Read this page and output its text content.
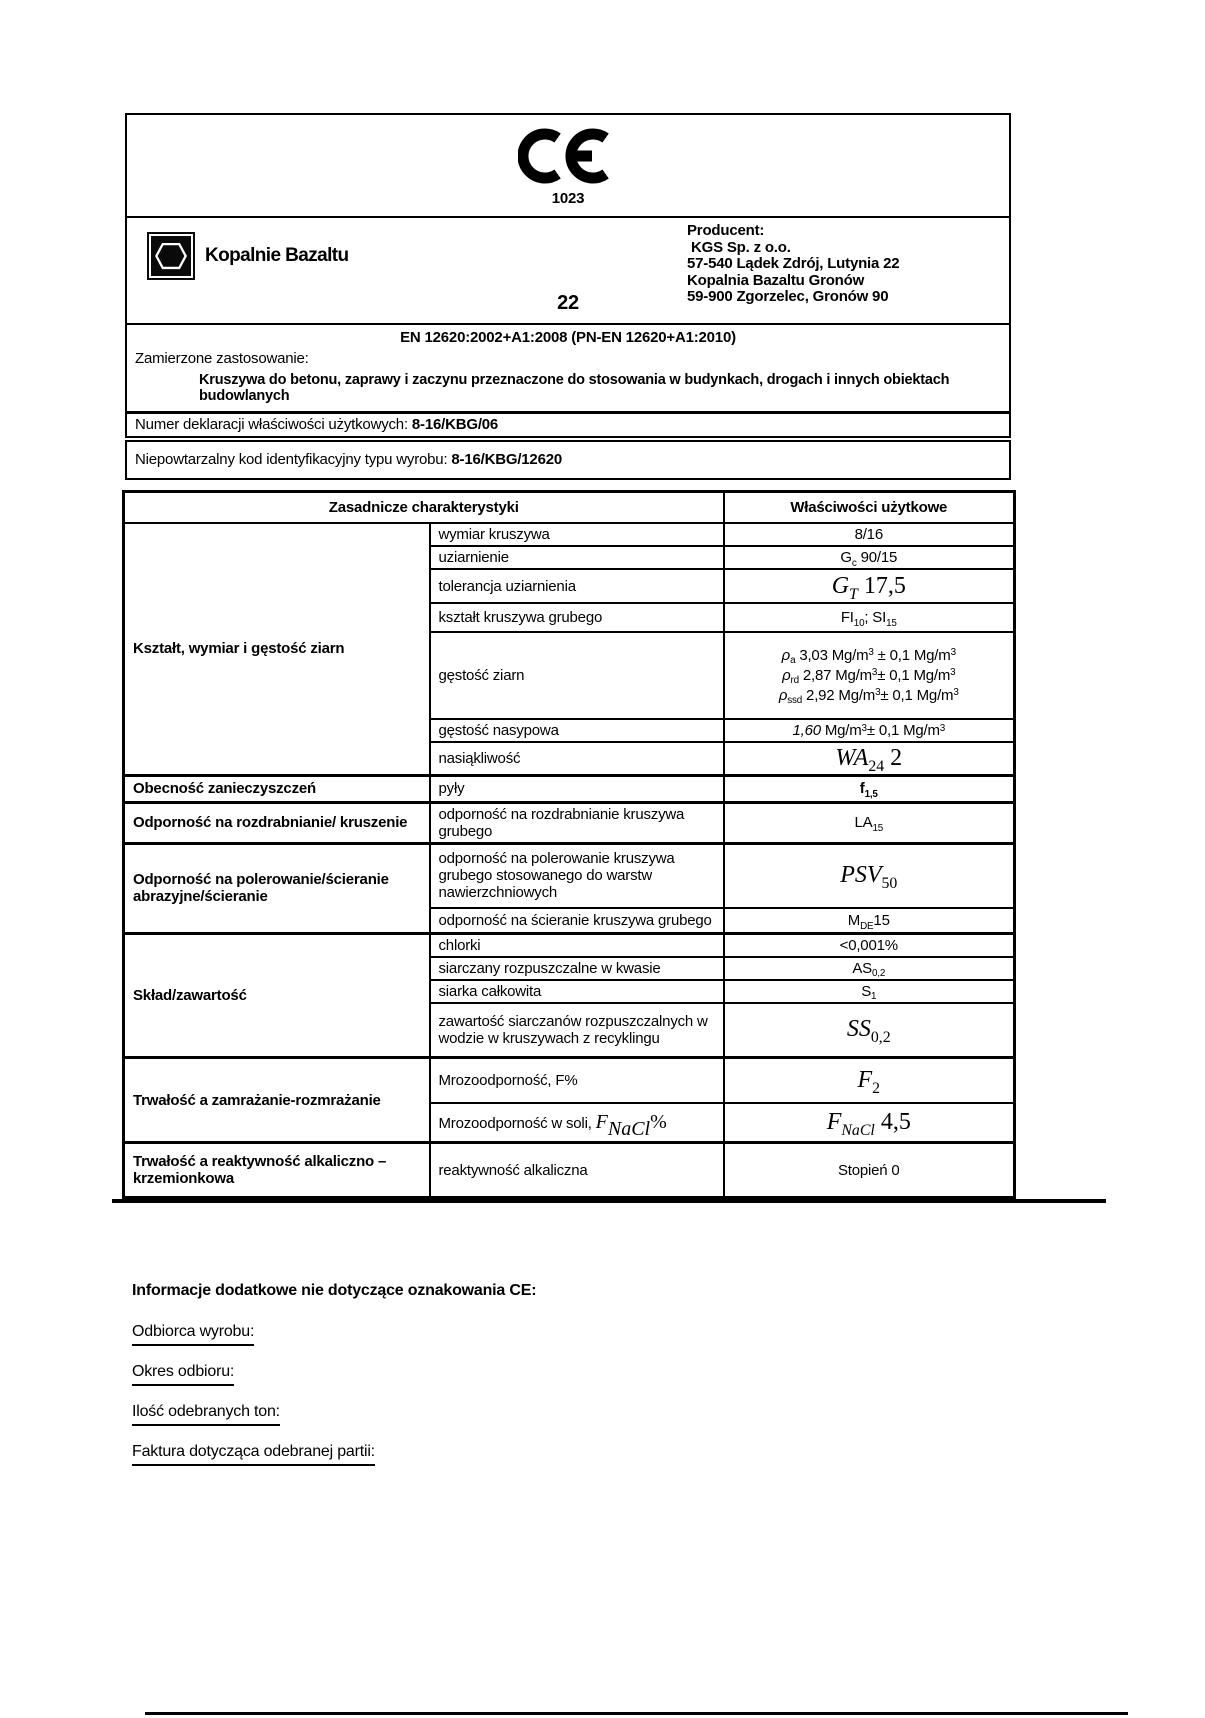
1023
Kopalnie Bazaltu
22
Producent:
KGS Sp. z o.o.
57-540 Lądek Zdrój, Lutynia 22
Kopalnia Bazaltu Gronów
59-900 Zgorzelec, Gronów 90
EN 12620:2002+A1:2008 (PN-EN 12620+A1:2010)
Zamierzone zastosowanie:
Kruszywa do betonu, zaprawy i zaczynu przeznaczone do stosowania w budynkach, drogach i innych obiektach budowlanych
Numer deklaracji właściwości użytkowych: 8-16/KBG/06
Niepowtarzalny kod identyfikacyjny typu wyrobu: 8-16/KBG/12620
Zasadnicze charakterystyki		Właściwości użytkowe
Kształt, wymiar i gęstość ziarn	wymiar kruszywa	8/16
	uziarnienie	$G_c$ 90/15
	tolerancja uziarnienia	$G_T$ 17,5
	kształt kruszywa grubego	$FI_{10}$; $SI_{15}$
	gęstość ziarn	$\rho_a$ 3,03 $Mg/m^3 \pm 0,1$ $Mg/m^3$
$\rho_{rd}$ 2,87 $Mg/m^3\pm 0,1$ $Mg/m^3$
$\rho_{ssd}$ 2,92 $Mg/m^3\pm 0,1$ $Mg/m^3$

	gęstość nasypowa	1,60 $Mg/m^3\pm 0,1$ $Mg/m^3$
	nasiąkliwość	$WA_{24}$ 2
Obecność zanieczyszczeń	pyły	$f_{1,5}$
Odporność na rozdrabnianie/ kruszenie	odporność na rozdrabnianie kruszywa grubego	$LA_{15}$
Odporność na polerowanie/ścieranie abrazyjne/ścieranie	odporność na polerowanie kruszywa grubego stosowanego do warstw nawierzchniowych	$PSV_{50}$
	odporność na ścieranie kruszywa grubego	$M_{DE}15$
Skład/zawartość	chlorki	<0,001%
	siarczany rozpuszczalne w kwasie	$AS_{0,2}$
	siarka całkowita	$S_1$
	zawartość siarczanów rozpuszczalnych w wodzie w kruszywach z recyklingu	$SS_{0,2}$
Trwałość a zamrażanie-rozmrażanie	Mrozoodporność, F%	$F_2$
	Mrozoodporność w soli, $F_{NaCl}\%$	$F_{NaCl}$ 4,5
Trwałość a reaktywność alkaliczno – krzemionkowa	reaktywność alkaliczna	Stopień 0

Informacje dodatkowe nie dotyczące oznakowania CE:

Odbiorca wyrobu:

Okres odbioru:

Ilość odebranych ton:

Faktura dotycząca odebranej partii:
